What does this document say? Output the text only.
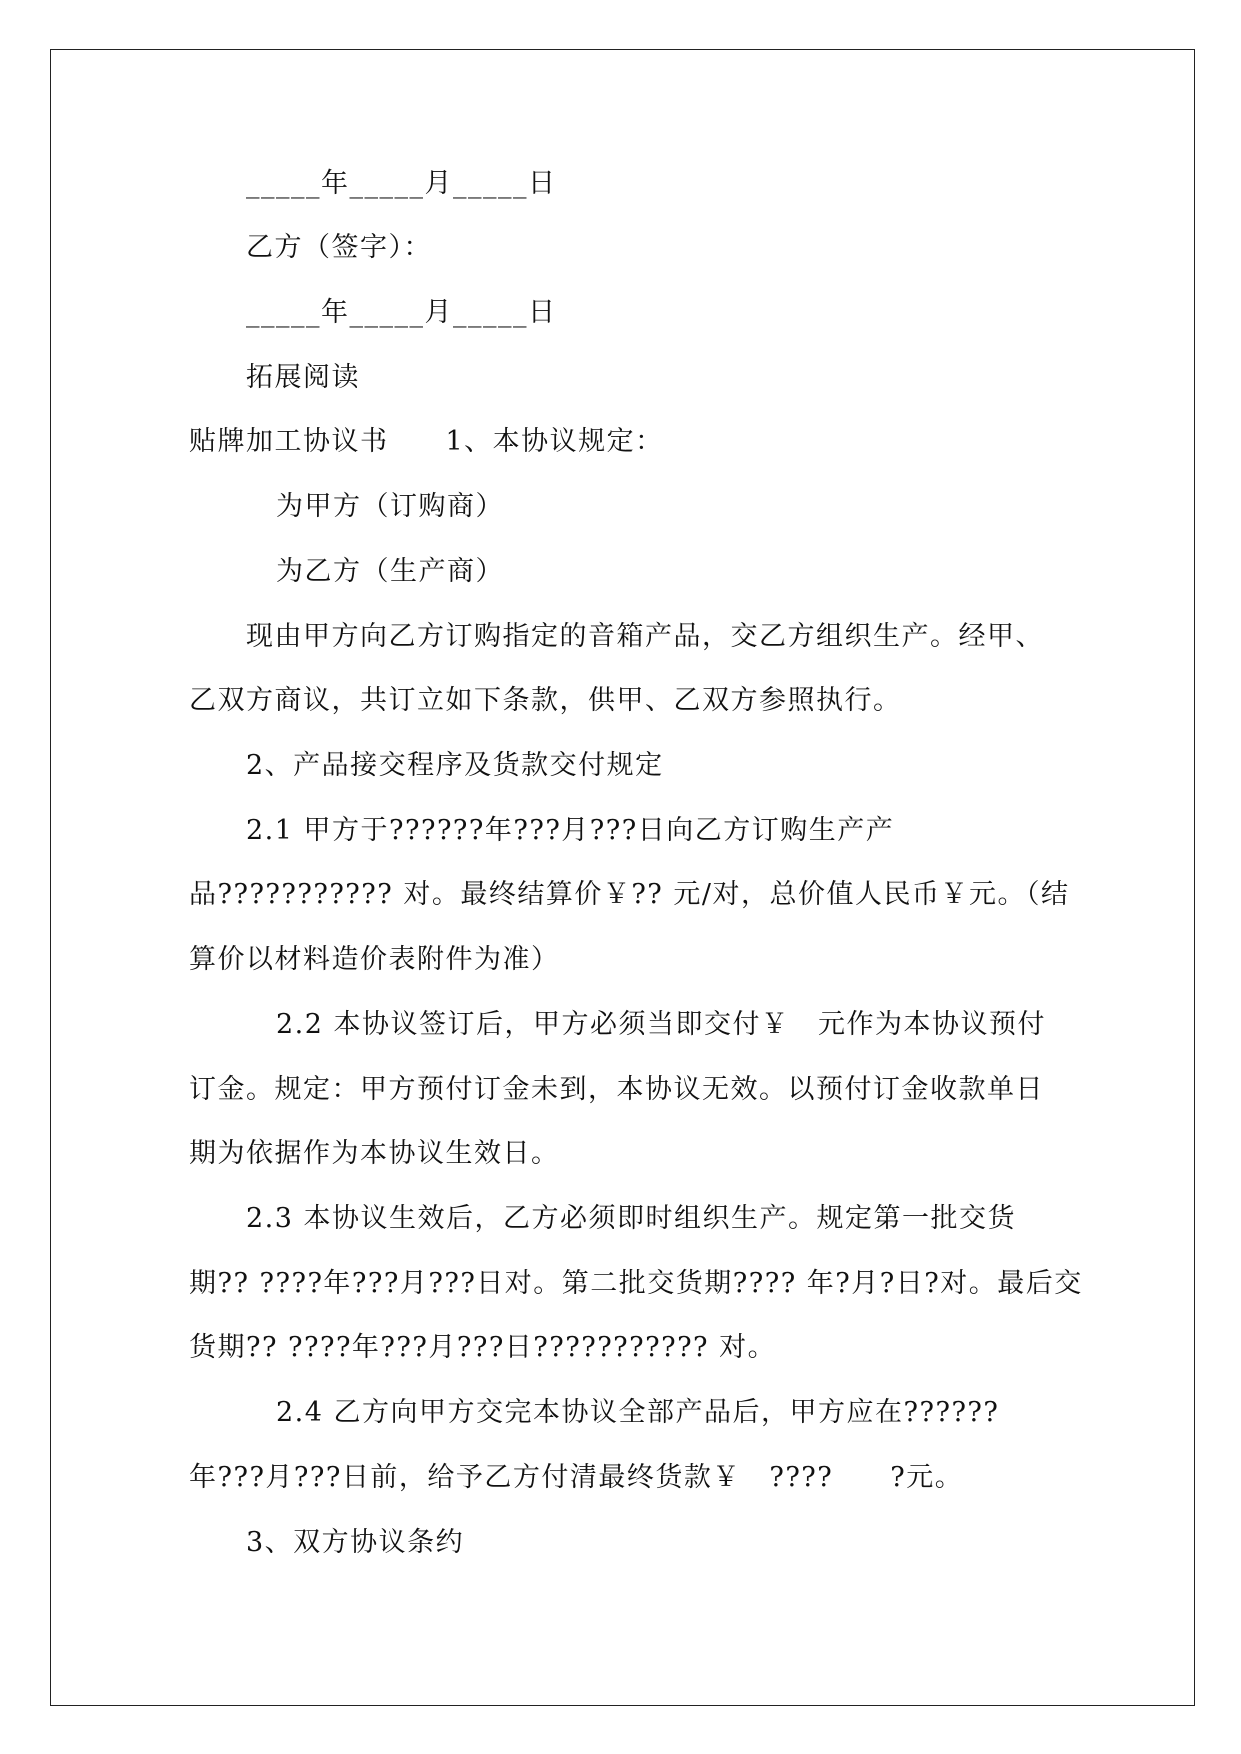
_____年_____月_____日
乙方（签字）：
_____年_____月_____日
拓展阅读
贴牌加工协议书　　1、本协议规定：
为甲方（订购商）
为乙方（生产商）
现由甲方向乙方订购指定的音箱产品，交乙方组织生产。经甲、
乙双方商议，共订立如下条款，供甲、乙双方参照执行。
2、产品接交程序及货款交付规定
2.1 甲方于??????年???月???日向乙方订购生产产
品??????????? 对。最终结算价￥?? 元/对，总价值人民币￥元。（结
算价以材料造价表附件为准）
2.2 本协议签订后，甲方必须当即交付￥　元作为本协议预付
订金。规定：甲方预付订金未到，本协议无效。以预付订金收款单日
期为依据作为本协议生效日。
2.3 本协议生效后，乙方必须即时组织生产。规定第一批交货
期?? ????年???月???日对。第二批交货期???? 年?月?日?对。最后交
货期?? ????年???月???日??????????? 对。
2.4 乙方向甲方交完本协议全部产品后，甲方应在??????
年???月???日前，给予乙方付清最终货款￥　????　　?元。
3、双方协议条约
